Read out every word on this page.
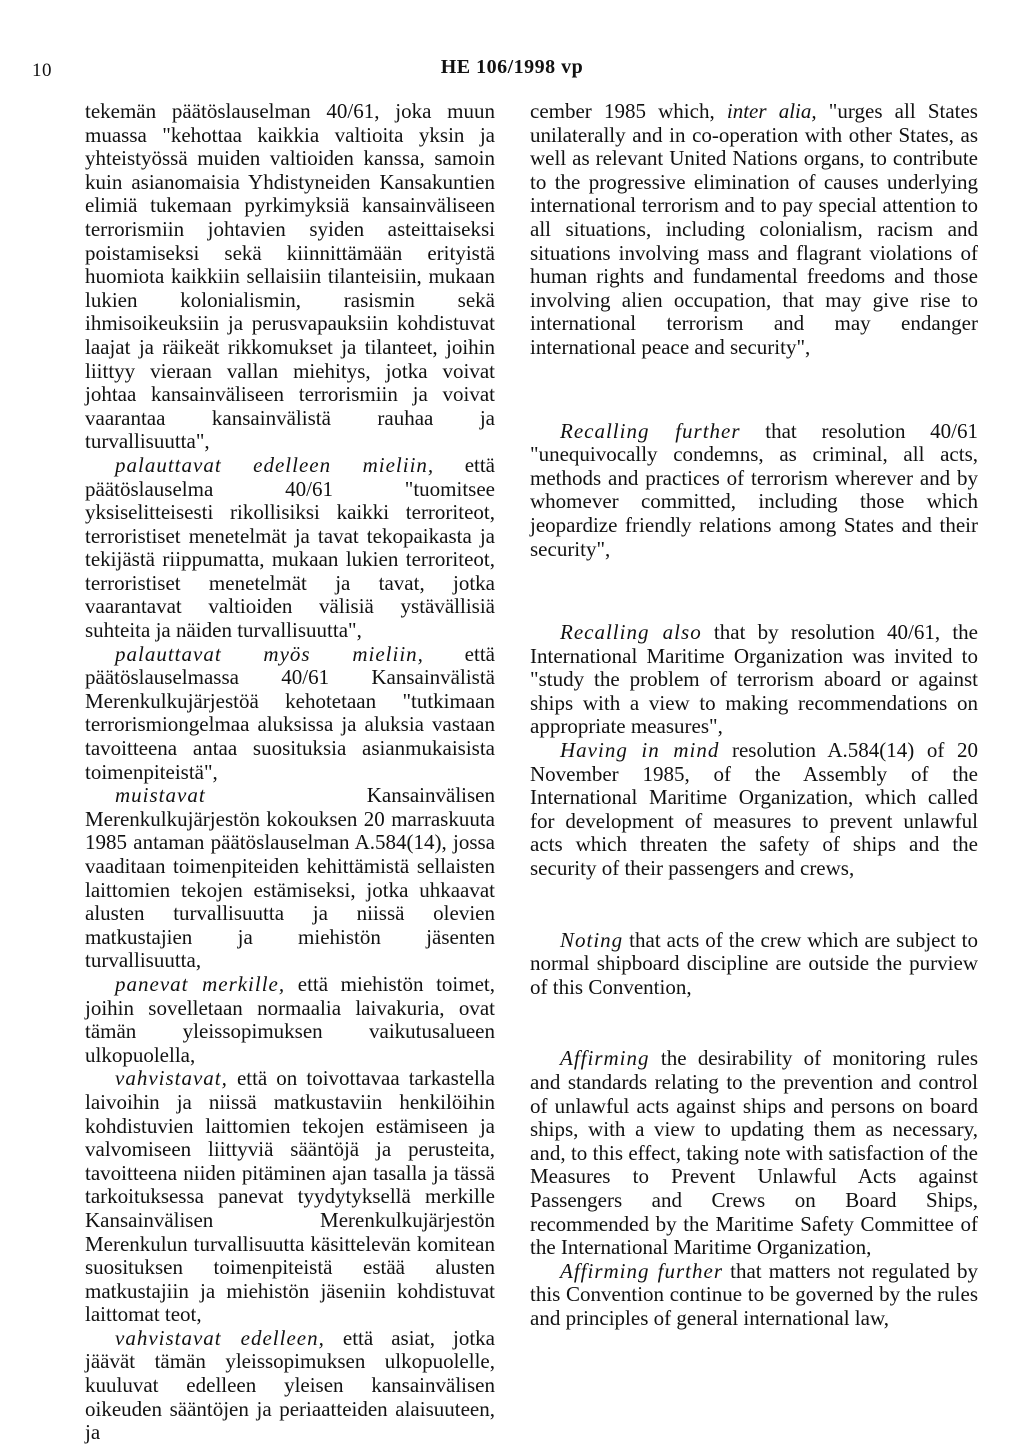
10	HE 106/1998 vp

tekemän päätöslauselman 40/61, joka muun muassa "kehottaa kaikkia valtioita yksin ja yhteistyössä muiden valtioiden kanssa, samoin kuin asianomaisia Yhdistyneiden Kansakuntien elimiä tukemaan pyrkimyksiä kansainväliseen terrorismiin johtavien syiden asteittaiseksi poistamiseksi sekä kiinnittämään erityistä huomiota kaikkiin sellaisiin tilanteisiin, mukaan lukien kolonialismin, rasismin sekä ihmisoikeuksiin ja perusvapauksiin kohdistuvat laajat ja räikeät rikkomukset ja tilanteet, joihin liittyy vieraan vallan miehitys, jotka voivat johtaa kansainväliseen terrorismiin ja voivat vaarantaa kansainvälistä rauhaa ja turvallisuutta",

palauttavat edelleen mieliin, että päätöslauselma 40/61 "tuomitsee yksiselitteisesti rikollisiksi kaikki terroriteot, terroristiset menetelmät ja tavat tekopaikasta ja tekijästä riippumatta, mukaan lukien terroriteot, terroristiset menetelmät ja tavat, jotka vaarantavat valtioiden välisiä ystävällisiä suhteita ja näiden turvallisuutta",

palauttavat myös mieliin, että päätöslauselmassa 40/61 Kansainvälistä Merenkulkujärjestöä kehotetaan "tutkimaan terrorismiongelmaa aluksissa ja aluksia vastaan tavoitteena antaa suosituksia asianmukaisista toimenpiteistä",

muistavat Kansainvälisen Merenkulkujärjestön kokouksen 20 marraskuuta 1985 antaman päätöslauselman A.584(14), jossa vaaditaan toimenpiteiden kehittämistä sellaisten laittomien tekojen estämiseksi, jotka uhkaavat alusten turvallisuutta ja niissä olevien matkustajien ja miehistön jäsenten turvallisuutta,

panevat merkille, että miehistön toimet, joihin sovelletaan normaalia laivakuria, ovat tämän yleissopimuksen vaikutusalueen ulkopuolella,

vahvistavat, että on toivottavaa tarkastella laivoihin ja niissä matkustaviin henkilöihin kohdistuvien laittomien tekojen estämiseen ja valvomiseen liittyviä sääntöjä ja perusteita, tavoitteena niiden pitäminen ajan tasalla ja tässä tarkoituksessa panevat tyydytyksellä merkille Kansainvälisen Merenkulkujärjestön Merenkulun turvallisuutta käsittelevän komitean suosituksen toimenpiteistä estää alusten matkustajiin ja miehistön jäseniin kohdistuvat laittomat teot,

vahvistavat edelleen, että asiat, jotka jäävät tämän yleissopimuksen ulkopuolelle, kuuluvat edelleen yleisen kansainvälisen oikeuden sääntöjen ja periaatteiden alaisuuteen, ja

cember 1985 which, inter alia, "urges all States unilaterally and in co-operation with other States, as well as relevant United Nations organs, to contribute to the progressive elimination of causes underlying international terrorism and to pay special attention to all situations, including colonialism, racism and situations involving mass and flagrant violations of human rights and fundamental freedoms and those involving alien occupation, that may give rise to international terrorism and may endanger international peace and security",

Recalling further that resolution 40/61 "unequivocally condemns, as criminal, all acts, methods and practices of terrorism wherever and by whomever committed, including those which jeopardize friendly relations among States and their security",

Recalling also that by resolution 40/61, the International Maritime Organization was invited to "study the problem of terrorism aboard or against ships with a view to making recommendations on appropriate measures",

Having in mind resolution A.584(14) of 20 November 1985, of the Assembly of the International Maritime Organization, which called for development of measures to prevent unlawful acts which threaten the safety of ships and the security of their passengers and crews,

Noting that acts of the crew which are subject to normal shipboard discipline are outside the purview of this Convention,

Affirming the desirability of monitoring rules and standards relating to the prevention and control of unlawful acts against ships and persons on board ships, with a view to updating them as necessary, and, to this effect, taking note with satisfaction of the Measures to Prevent Unlawful Acts against Passengers and Crews on Board Ships, recommended by the Maritime Safety Committee of the International Maritime Organization,

Affirming further that matters not regulated by this Convention continue to be governed by the rules and principles of general international law,
